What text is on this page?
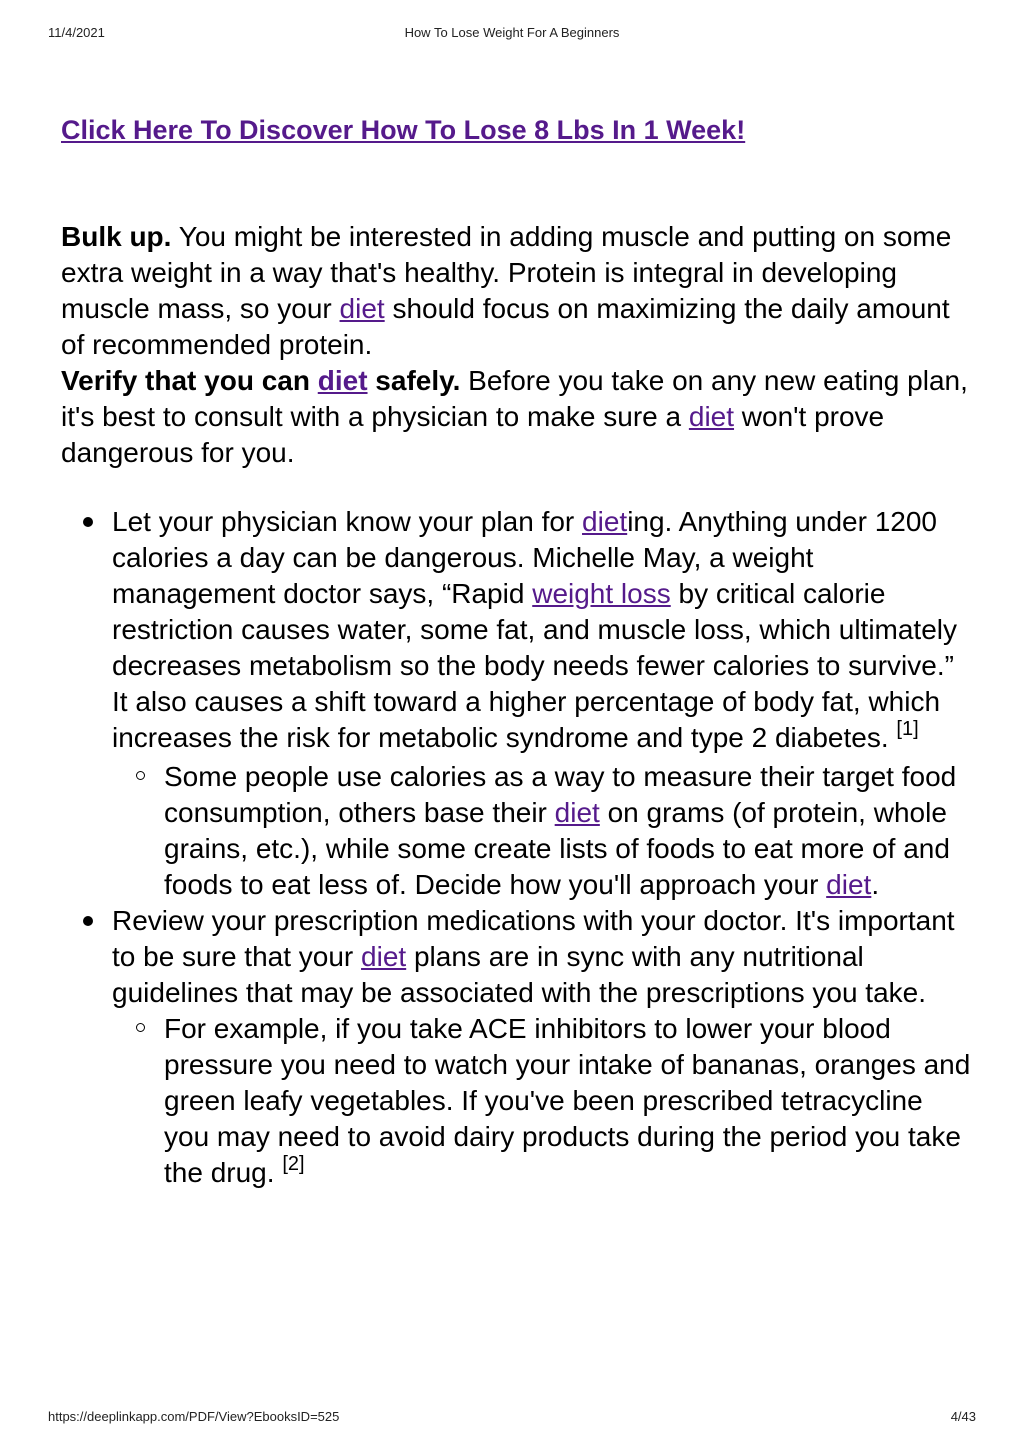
11/4/2021	How To Lose Weight For A Beginners
Click Here To Discover How To Lose 8 Lbs In 1 Week!

Bulk up. You might be interested in adding muscle and putting on some extra weight in a way that's healthy. Protein is integral in developing muscle mass, so your diet should focus on maximizing the daily amount of recommended protein.

Verify that you can diet safely. Before you take on any new eating plan, it's best to consult with a physician to make sure a diet won't prove dangerous for you.

Let your physician know your plan for dieting. Anything under 1200 calories a day can be dangerous. Michelle May, a weight management doctor says, “Rapid weight loss by critical calorie restriction causes water, some fat, and muscle loss, which ultimately decreases metabolism so the body needs fewer calories to survive.” It also causes a shift toward a higher percentage of body fat, which increases the risk for metabolic syndrome and type 2 diabetes. [1]
Some people use calories as a way to measure their target food consumption, others base their diet on grams (of protein, whole grains, etc.), while some create lists of foods to eat more of and foods to eat less of. Decide how you'll approach your diet.
Review your prescription medications with your doctor. It's important to be sure that your diet plans are in sync with any nutritional guidelines that may be associated with the prescriptions you take.
For example, if you take ACE inhibitors to lower your blood pressure you need to watch your intake of bananas, oranges and green leafy vegetables. If you've been prescribed tetracycline you may need to avoid dairy products during the period you take the drug. [2]
https://deeplinkapp.com/PDF/View?EbooksID=525	4/43
